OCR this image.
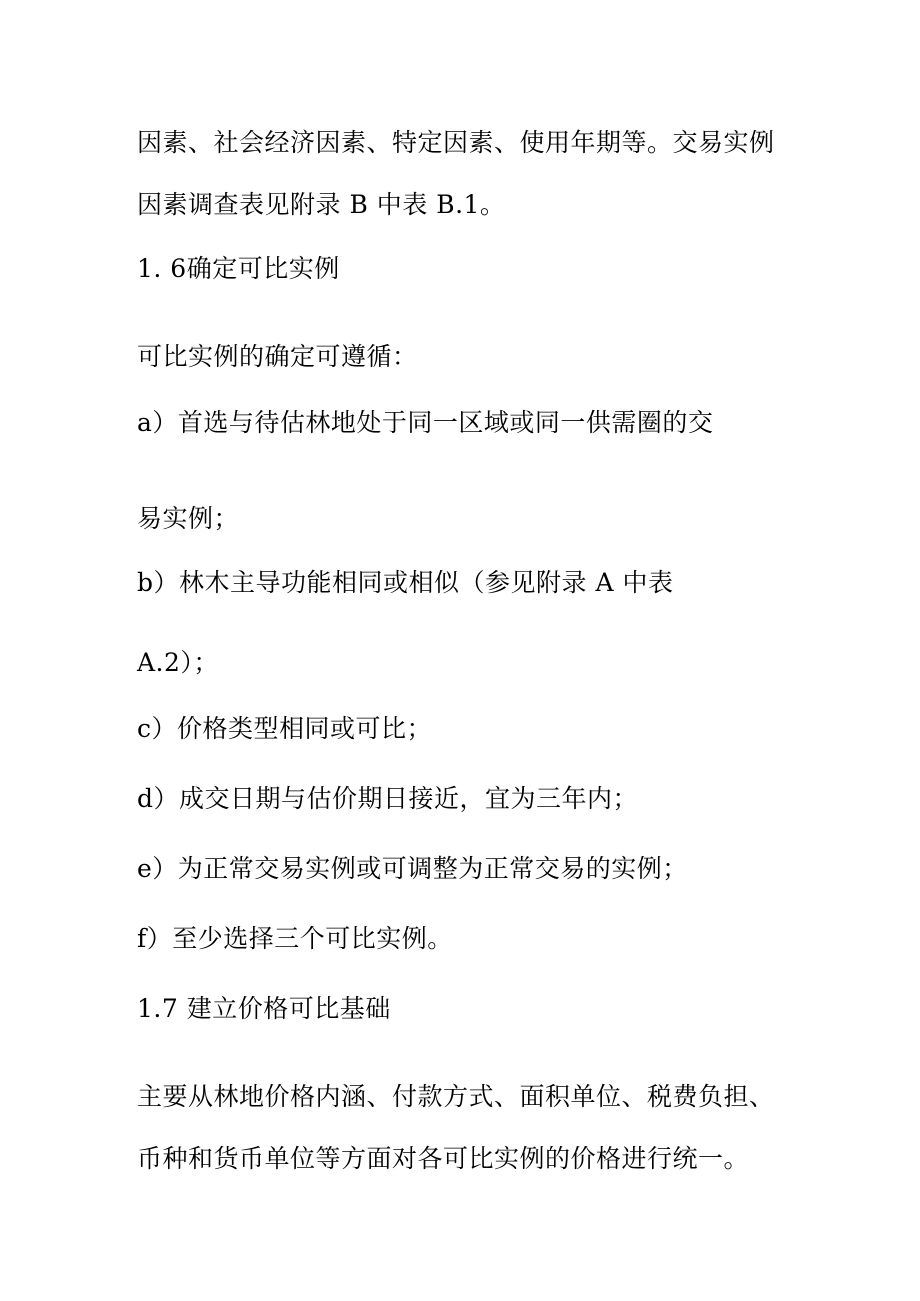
因素、社会经济因素、特定因素、使用年期等。交易实例
因素调查表见附录 B 中表 B.1。
1. 6确定可比实例
可比实例的确定可遵循：
a）首选与待估林地处于同一区域或同一供需圈的交
易实例；
b）林木主导功能相同或相似（参见附录 A 中表
A.2）；
c）价格类型相同或可比；
d）成交日期与估价期日接近，宜为三年内；
e）为正常交易实例或可调整为正常交易的实例；
f）至少选择三个可比实例。
1.7 建立价格可比基础
主要从林地价格内涵、付款方式、面积单位、税费负担、
币种和货币单位等方面对各可比实例的价格进行统一。
